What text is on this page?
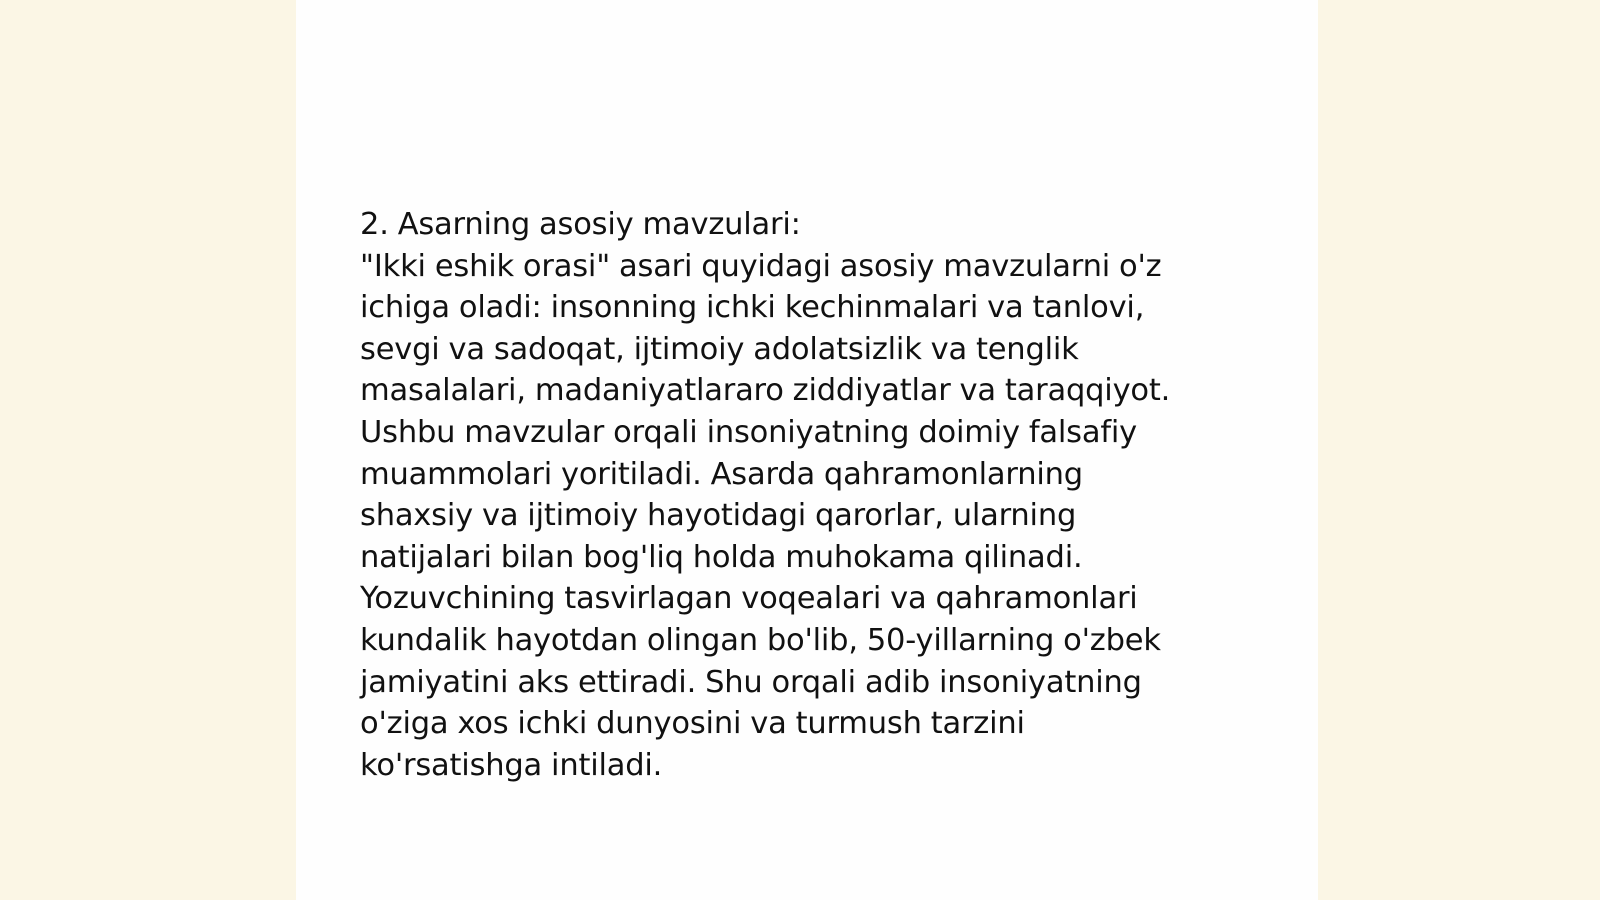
2. Asarning asosiy mavzulari:
"Ikki eshik orasi" asari quyidagi asosiy mavzularni o'z
ichiga oladi: insonning ichki kechinmalari va tanlovi,
sevgi va sadoqat, ijtimoiy adolatsizlik va tenglik
masalalari, madaniyatlararo ziddiyatlar va taraqqiyot.
Ushbu mavzular orqali insoniyatning doimiy falsafiy
muammolari yoritiladi. Asarda qahramonlarning
shaxsiy va ijtimoiy hayotidagi qarorlar, ularning
natijalari bilan bog'liq holda muhokama qilinadi.
Yozuvchining tasvirlagan voqealari va qahramonlari
kundalik hayotdan olingan bo'lib, 50-yillarning o'zbek
jamiyatini aks ettiradi. Shu orqali adib insoniyatning
o'ziga xos ichki dunyosini va turmush tarzini
ko'rsatishga intiladi.
